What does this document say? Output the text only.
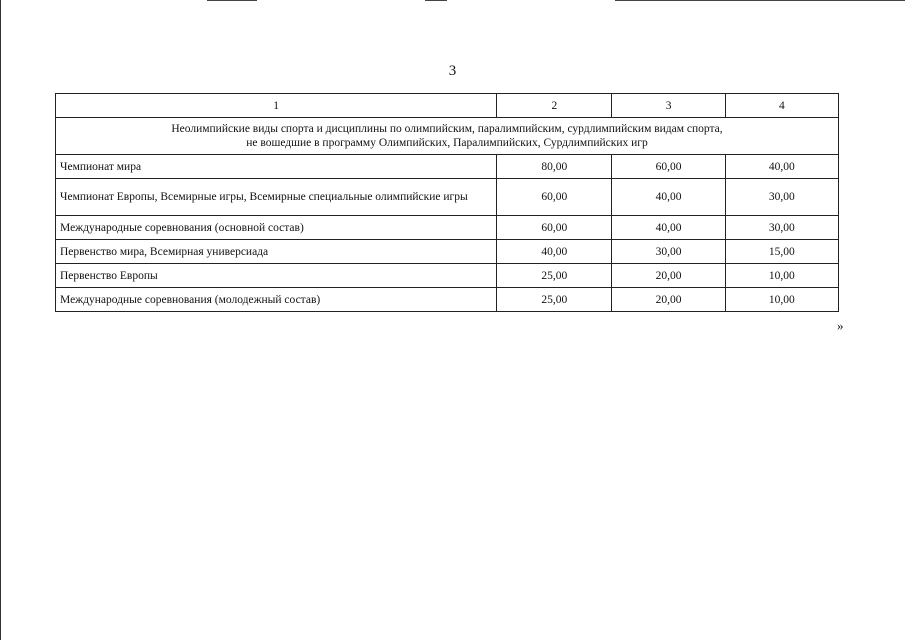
3
1	2	3	4
Неолимпийские виды спорта и дисциплины по олимпийским, паралимпийским, сурдлимпийским видам спорта,
не вошедшие в программу Олимпийских, Паралимпийских, Сурдлимпийских игр			
Чемпионат мира	80,00	60,00	40,00
Чемпионат Европы, Всемирные игры, Всемирные специальные олимпийские игры	60,00	40,00	30,00
Международные соревнования (основной состав)	60,00	40,00	30,00
Первенство мира, Всемирная универсиада	40,00	30,00	15,00
Первенство Европы	25,00	20,00	10,00
Международные соревнования (молодежный состав)	25,00	20,00	10,00
»
